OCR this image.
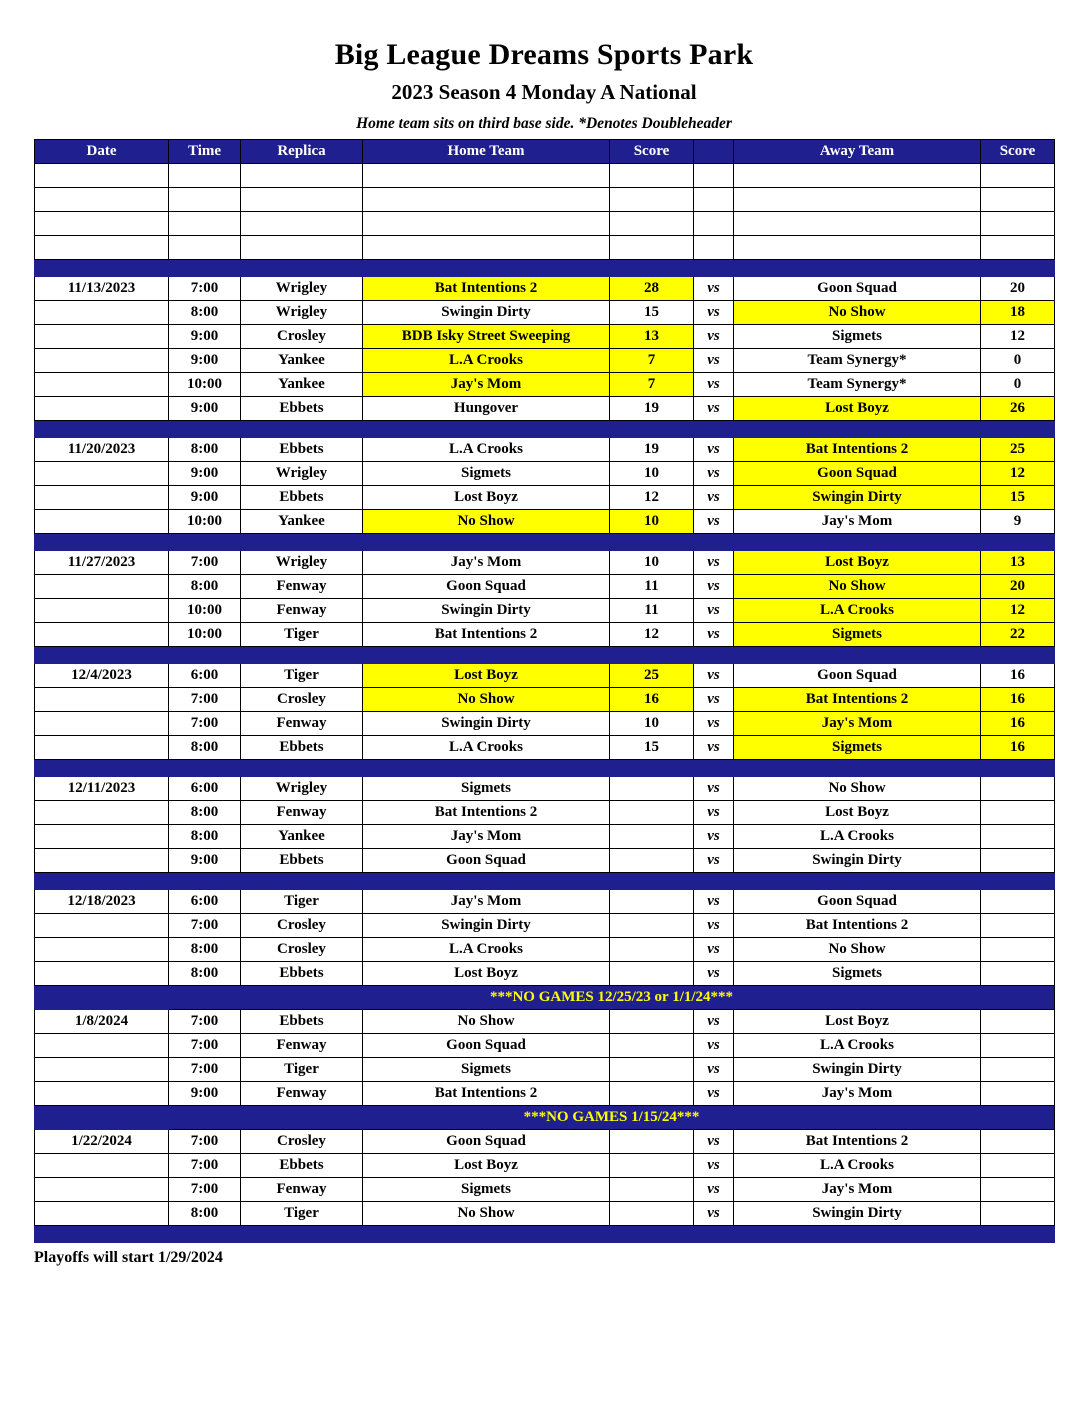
Big League Dreams Sports Park
2023 Season 4 Monday A National
Home team sits on third base side. *Denotes Doubleheader
Date	Time	Replica	Home Team	Score		Away Team	Score

11/13/2023	7:00	Wrigley	Bat Intentions 2	28	vs	Goon Squad	20
	8:00	Wrigley	Swingin Dirty	15	vs	No Show	18
	9:00	Crosley	BDB Isky Street Sweeping	13	vs	Sigmets	12
	9:00	Yankee	L.A Crooks	7	vs	Team Synergy*	0
	10:00	Yankee	Jay's Mom	7	vs	Team Synergy*	0
	9:00	Ebbets	Hungover	19	vs	Lost Boyz	26

11/20/2023	8:00	Ebbets	L.A Crooks	19	vs	Bat Intentions 2	25
	9:00	Wrigley	Sigmets	10	vs	Goon Squad	12
	9:00	Ebbets	Lost Boyz	12	vs	Swingin Dirty	15
	10:00	Yankee	No Show	10	vs	Jay's Mom	9

11/27/2023	7:00	Wrigley	Jay's Mom	10	vs	Lost Boyz	13
	8:00	Fenway	Goon Squad	11	vs	No Show	20
	10:00	Fenway	Swingin Dirty	11	vs	L.A Crooks	12
	10:00	Tiger	Bat Intentions 2	12	vs	Sigmets	22

12/4/2023	6:00	Tiger	Lost Boyz	25	vs	Goon Squad	16
	7:00	Crosley	No Show	16	vs	Bat Intentions 2	16
	7:00	Fenway	Swingin Dirty	10	vs	Jay's Mom	16
	8:00	Ebbets	L.A Crooks	15	vs	Sigmets	16

12/11/2023	6:00	Wrigley	Sigmets		vs	No Show	
	8:00	Fenway	Bat Intentions 2		vs	Lost Boyz	
	8:00	Yankee	Jay's Mom		vs	L.A Crooks	
	9:00	Ebbets	Goon Squad		vs	Swingin Dirty	

12/18/2023	6:00	Tiger	Jay's Mom		vs	Goon Squad	
	7:00	Crosley	Swingin Dirty		vs	Bat Intentions 2	
	8:00	Crosley	L.A Crooks		vs	No Show	
	8:00	Ebbets	Lost Boyz		vs	Sigmets	
	***NO GAMES 12/25/23 or 1/1/24***						
1/8/2024	7:00	Ebbets	No Show		vs	Lost Boyz	
	7:00	Fenway	Goon Squad		vs	L.A Crooks	
	7:00	Tiger	Sigmets		vs	Swingin Dirty	
	9:00	Fenway	Bat Intentions 2		vs	Jay's Mom	
	***NO GAMES 1/15/24***						
1/22/2024	7:00	Crosley	Goon Squad		vs	Bat Intentions 2	
	7:00	Ebbets	Lost Boyz		vs	L.A Crooks	
	7:00	Fenway	Sigmets		vs	Jay's Mom	
	8:00	Tiger	No Show		vs	Swingin Dirty	

Playoffs will start 1/29/2024
